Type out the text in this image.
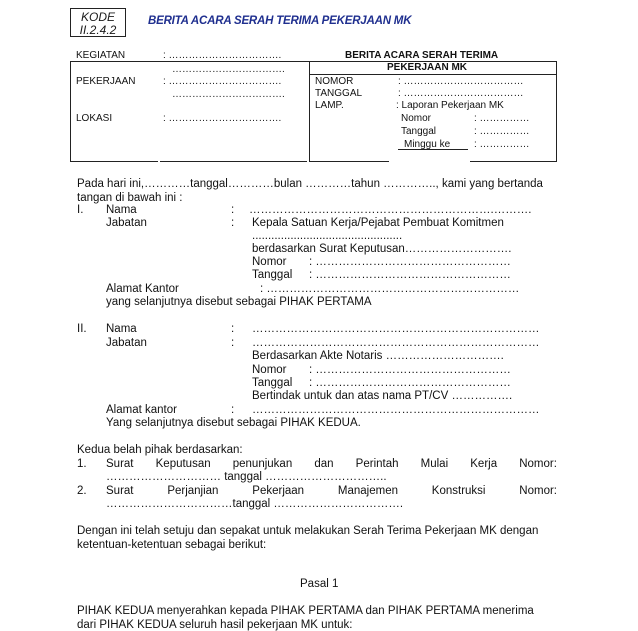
KODE
II.2.4.2
BERITA ACARA SERAH TERIMA PEKERJAAN MK
KEGIATAN	: …………………………….
…………………………….
PEKERJAAN	: …………………………….
…………………………….
LOKASI	: …………………………….
BERITA ACARA SERAH TERIMA
PEKERJAAN MK
NOMOR	: ………………………………
TANGGAL	: ………………………………
LAMP.	: Laporan Pekerjaan MK
Nomor	: ……………
Tanggal	: ……………
Minggu ke : ……………
Pada hari ini,…………tanggal…………bulan …………tahun ………….., kami yang bertanda
tangan di bawah ini :
I. Nama	: ……………………………………………………….……….
Jabatan	: Kepala Satuan Kerja/Pejabat Pembuat Komitmen
...............................................
berdasarkan Surat Keputusan……………………….
Nomor : ……………………………………………
Tanggal : ……………………………………………
Alamat Kantor	: …………………………………………………………
yang selanjutnya disebut sebagai PIHAK PERTAMA
II. Nama	: …………………………………………………………………
Jabatan	: …………………………………………………………………
Berdasarkan Akte Notaris ………………………….
Nomor : ……………………………………………
Tanggal : ……………………………………………
Bertindak untuk dan atas nama PT/CV …………….
Alamat kantor	: …………………………………………………………………
Yang selanjutnya disebut sebagai PIHAK KEDUA.
Kedua belah pihak berdasarkan:
1. Surat Keputusan penunjukan dan Perintah Mulai Kerja Nomor:
………………………… tanggal …………………………..
2. Surat	Perjanjian	Pekerjaan	Manajemen	Konstruksi	Nomor:
……………………………tanggal …………………………….
Dengan ini telah setuju dan sepakat untuk melakukan Serah Terima Pekerjaan MK dengan
ketentuan-ketentuan sebagai berikut:
Pasal 1
PIHAK KEDUA menyerahkan kepada PIHAK PERTAMA dan PIHAK PERTAMA menerima
dari PIHAK KEDUA seluruh hasil pekerjaan MK untuk:
